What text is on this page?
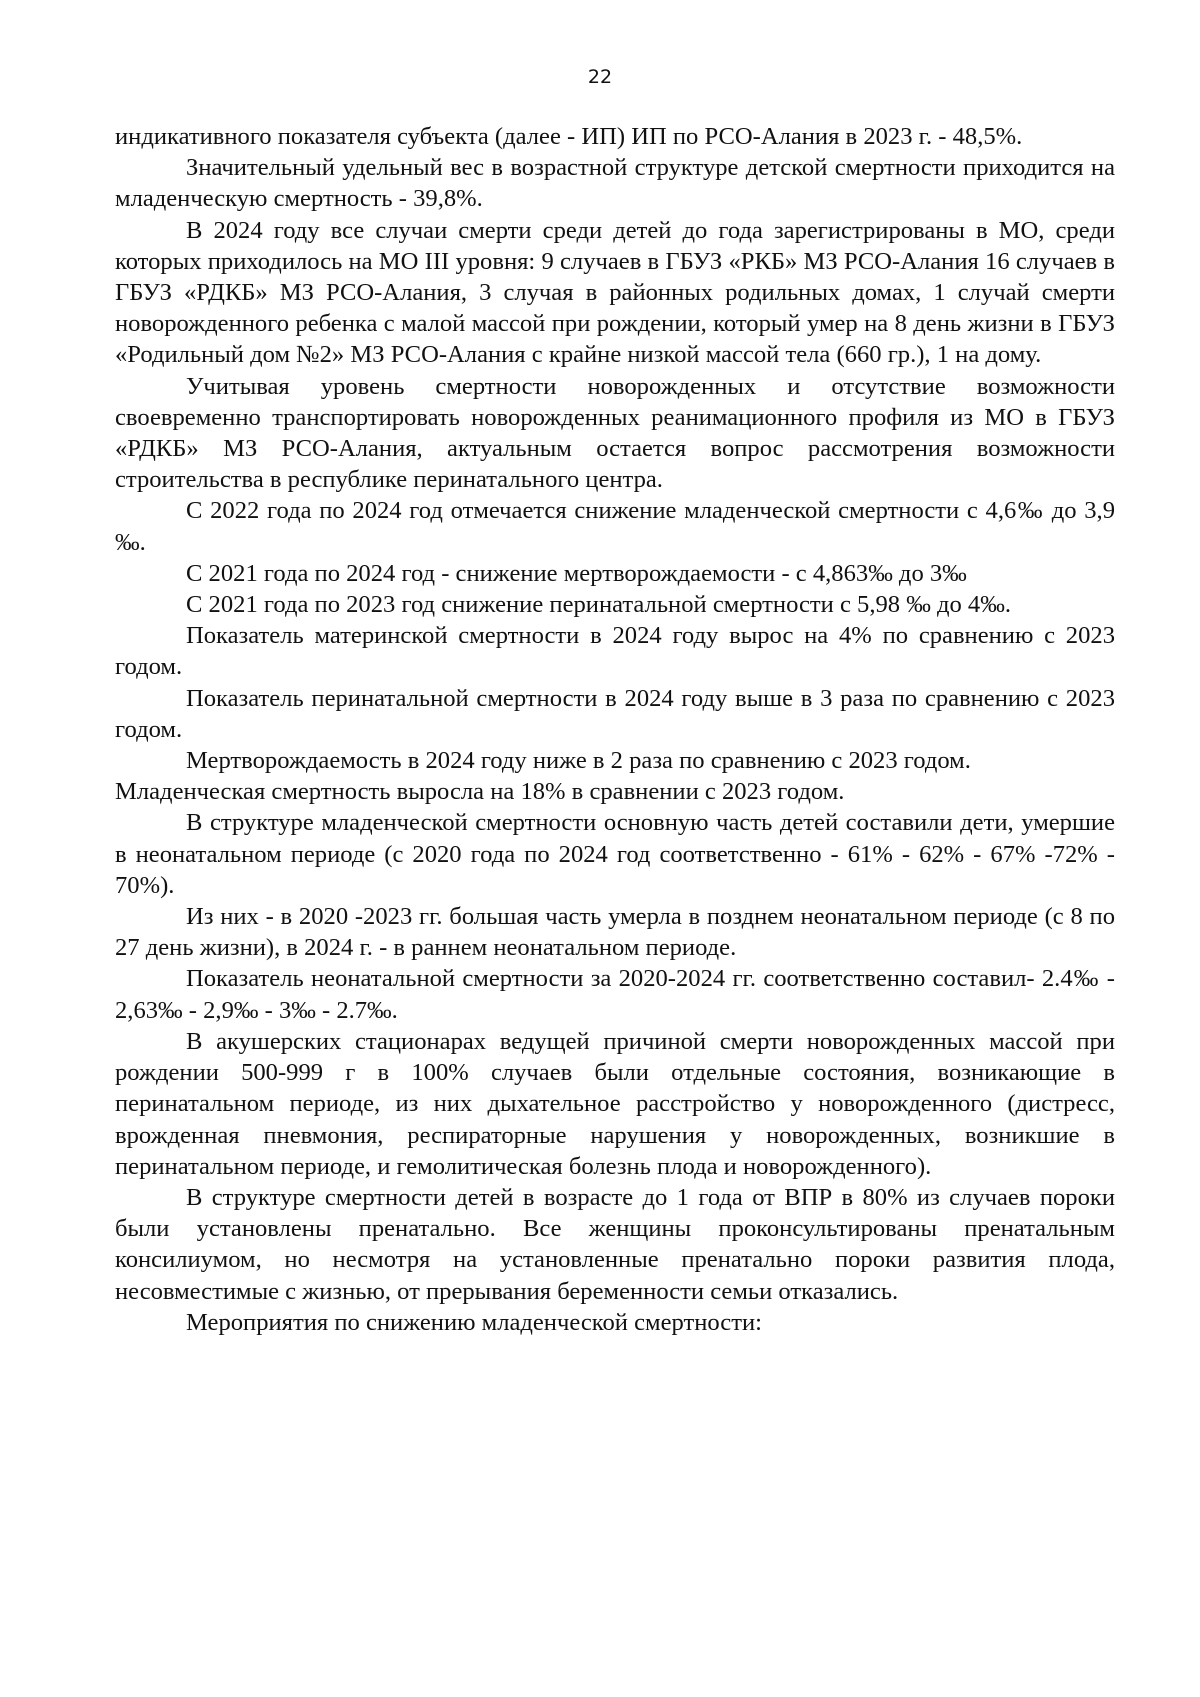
22

индикативного показателя субъекта (далее - ИП) ИП по РСО-Алания в 2023 г. - 48,5%.

Значительный удельный вес в возрастной структуре детской смертности приходится на младенческую смертность - 39,8%.

В 2024 году все случаи смерти среди детей до года зарегистрированы в МО, среди которых приходилось на МО III уровня: 9 случаев в ГБУЗ «РКБ» МЗ РСО-Алания 16 случаев в ГБУЗ «РДКБ» МЗ РСО-Алания, 3 случая в районных родильных домах, 1 случай смерти новорожденного ребенка с малой массой при рождении, который умер на 8 день жизни в ГБУЗ «Родильный дом №2» МЗ РСО-Алания с крайне низкой массой тела (660 гр.), 1 на дому.

Учитывая уровень смертности новорожденных и отсутствие возможности своевременно транспортировать новорожденных реанимационного профиля из МО в ГБУЗ «РДКБ» МЗ РСО-Алания, актуальным остается вопрос рассмотрения возможности строительства в республике перинатального центра.

С 2022 года по 2024 год отмечается снижение младенческой смертности с 4,6‰ до 3,9 ‰.

С 2021 года по 2024 год - снижение мертворождаемости - с 4,863‰ до 3‰

С 2021 года по 2023 год снижение перинатальной смертности с 5,98 ‰ до 4‰.

Показатель материнской смертности в 2024 году вырос на 4% по сравнению с 2023 годом.

Показатель перинатальной смертности в 2024 году выше в 3 раза по сравнению с 2023 годом.

Мертворождаемость в 2024 году ниже в 2 раза по сравнению с 2023 годом.

Младенческая смертность выросла на 18% в сравнении с 2023 годом.

В структуре младенческой смертности основную часть детей составили дети, умершие в неонатальном периоде (с 2020 года по 2024 год соответственно - 61% - 62% - 67% -72% - 70%).

Из них - в 2020 -2023 гг. большая часть умерла в позднем неонатальном периоде (с 8 по 27 день жизни), в 2024 г. - в раннем неонатальном периоде.

Показатель неонатальной смертности за 2020-2024 гг. соответственно составил- 2.4‰ - 2,63‰ - 2,9‰ - 3‰ - 2.7‰.

В акушерских стационарах ведущей причиной смерти новорожденных массой при рождении 500-999 г в 100% случаев были отдельные состояния, возникающие в перинатальном периоде, из них дыхательное расстройство у новорожденного (дистресс, врожденная пневмония, респираторные нарушения у новорожденных, возникшие в перинатальном периоде, и гемолитическая болезнь плода и новорожденного).

В структуре смертности детей в возрасте до 1 года от ВПР в 80% из случаев пороки были установлены пренатально. Все женщины проконсультированы пренатальным консилиумом, но несмотря на установленные пренатально пороки развития плода, несовместимые с жизнью, от прерывания беременности семьи отказались.

Мероприятия по снижению младенческой смертности:
